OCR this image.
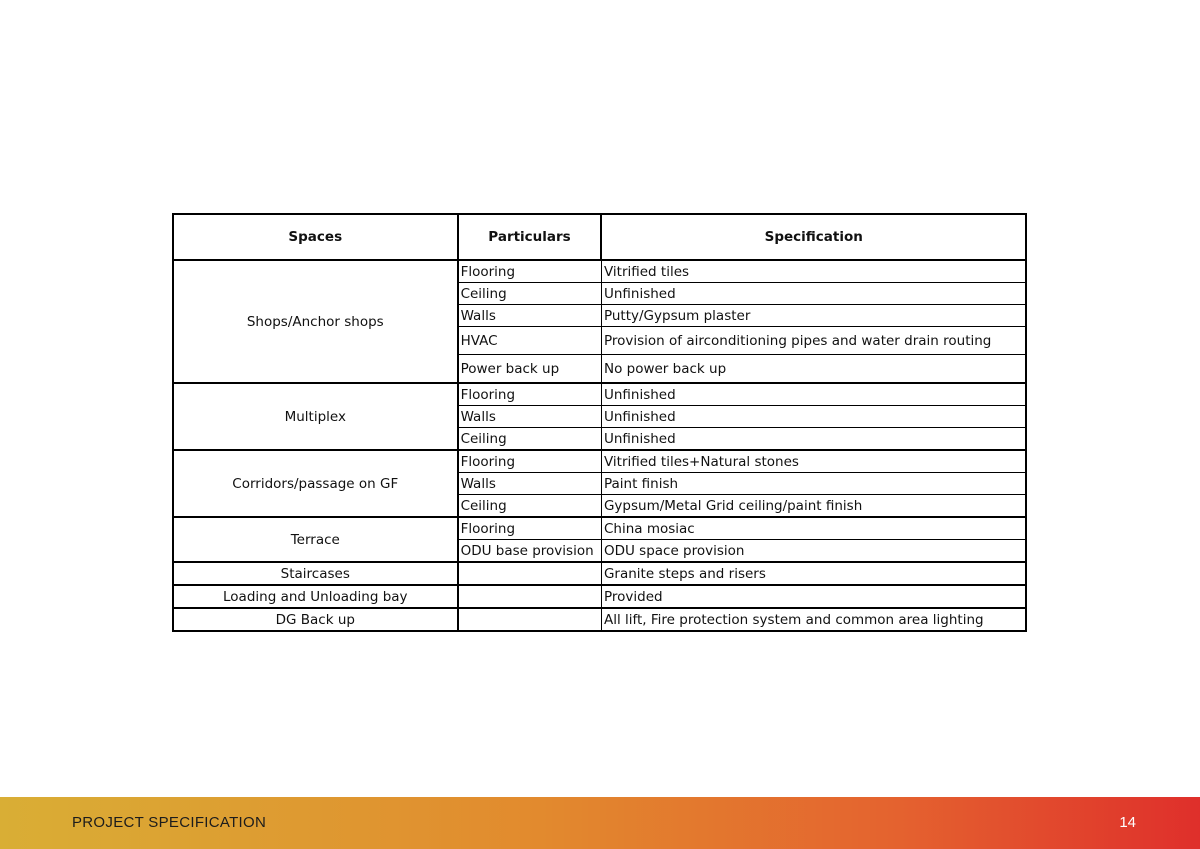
Spaces	Particulars	Specification
Shops/Anchor shops	Flooring	Vitrified tiles
	Ceiling	Unfinished
	Walls	Putty/Gypsum plaster
	HVAC	Provision of airconditioning pipes and water drain routing
	Power back up	No power back up
Multiplex	Flooring	Unfinished
	Walls	Unfinished
	Ceiling	Unfinished
Corridors/passage on GF	Flooring	Vitrified tiles+Natural stones
	Walls	Paint finish
	Ceiling	Gypsum/Metal Grid ceiling/paint finish
Terrace	Flooring	China mosiac
	ODU base provision	ODU space provision
Staircases		Granite steps and risers
Loading and Unloading bay		Provided
DG Back up		All lift, Fire protection system and common area lighting
PROJECT SPECIFICATION	14
